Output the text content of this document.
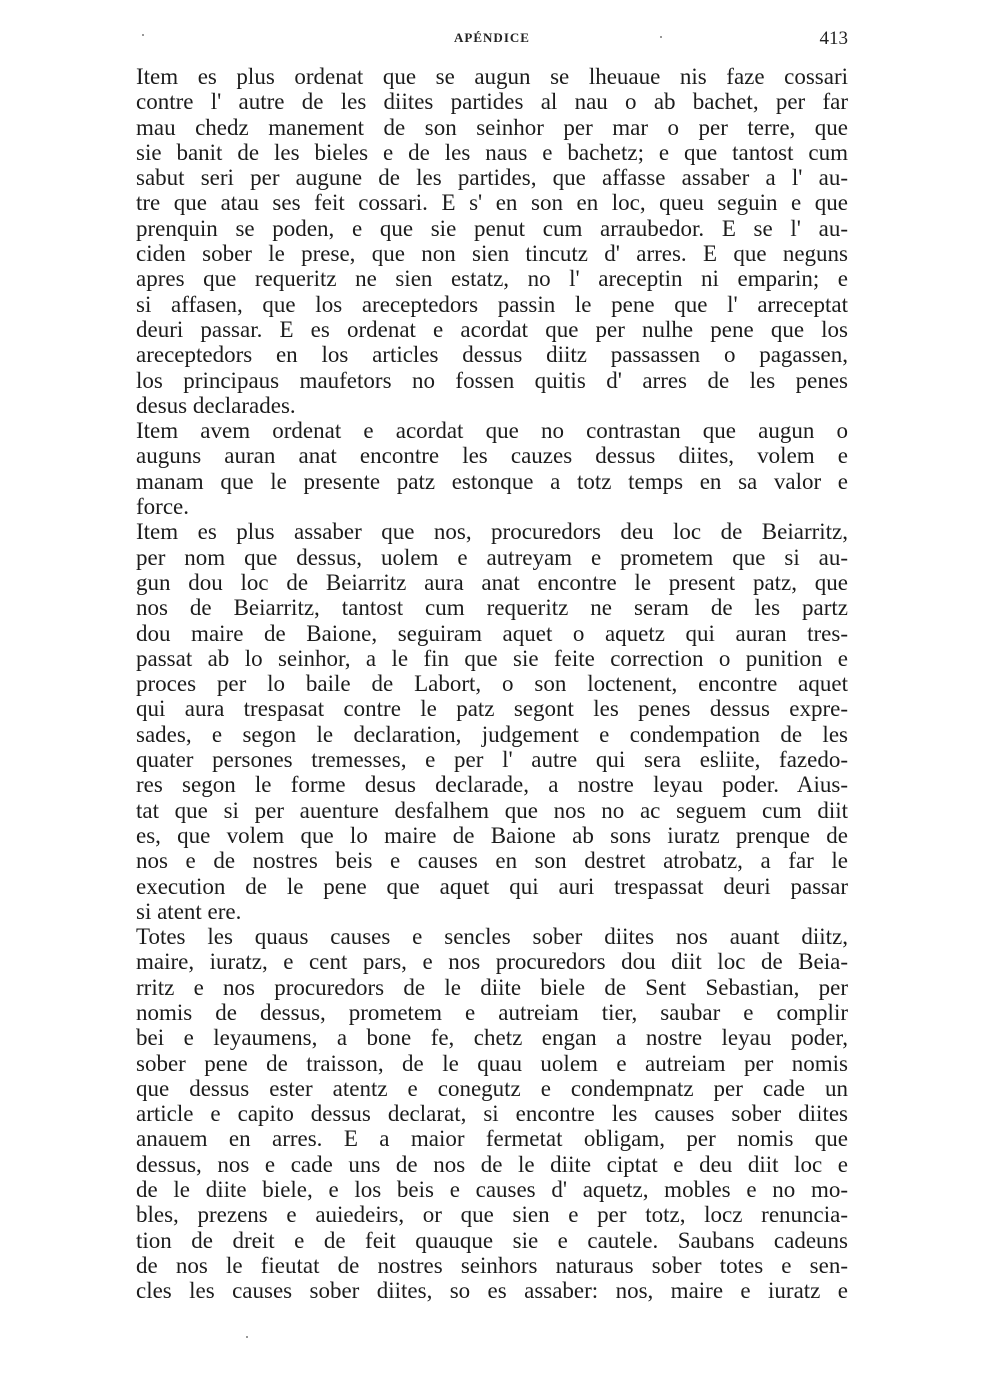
APÉNDICE	413
Item es plus ordenat que se augun se lheuaue nis faze cossari
contre l' autre de les diites partides al nau o ab bachet, per far
mau chedz manement de son seinhor per mar o per terre, que
sie banit de les bieles e de les naus e bachetz; e que tantost cum
sabut seri per augune de les partides, que affasse assaber a l' au-
tre que atau ses feit cossari. E s' en son en loc, queu seguin e que
prenquin se poden, e que sie penut cum arraubedor. E se l' au-
ciden sober le prese, que non sien tincutz d' arres. E que neguns
apres que requeritz ne sien estatz, no l' areceptin ni emparin; e
si affasen, que los areceptedors passin le pene que l' arreceptat
deuri passar. E es ordenat e acordat que per nulhe pene que los
areceptedors en los articles dessus diitz passassen o pagassen,
los principaus maufetors no fossen quitis d' arres de les penes
desus declarades.
Item avem ordenat e acordat que no contrastan que augun o
auguns auran anat encontre les cauzes dessus diites, volem e
manam que le presente patz estonque a totz temps en sa valor e
force.
Item es plus assaber que nos, procuredors deu loc de Beiarritz,
per nom que dessus, uolem e autreyam e prometem que si au-
gun dou loc de Beiarritz aura anat encontre le present patz, que
nos de Beiarritz, tantost cum requeritz ne seram de les partz
dou maire de Baione, seguiram aquet o aquetz qui auran tres-
passat ab lo seinhor, a le fin que sie feite correction o punition e
proces per lo baile de Labort, o son loctenent, encontre aquet
qui aura trespasat contre le patz segont les penes dessus expre-
sades, e segon le declaration, judgement e condempation de les
quater persones tremesses, e per l' autre qui sera esliite, fazedo-
res segon le forme desus declarade, a nostre leyau poder. Aius-
tat que si per auenture desfalhem que nos no ac seguem cum diit
es, que volem que lo maire de Baione ab sons iuratz prenque de
nos e de nostres beis e causes en son destret atrobatz, a far le
execution de le pene que aquet qui auri trespassat deuri passar
si atent ere.
Totes les quaus causes e sencles sober diites nos auant diitz,
maire, iuratz, e cent pars, e nos procuredors dou diit loc de Beia-
rritz e nos procuredors de le diite biele de Sent Sebastian, per
nomis de dessus, prometem e autreiam tier, saubar e complir
bei e leyaumens, a bone fe, chetz engan a nostre leyau poder,
sober pene de traisson, de le quau uolem e autreiam per nomis
que dessus ester atentz e conegutz e condempnatz per cade un
article e capito dessus declarat, si encontre les causes sober diites
anauem en arres. E a maior fermetat obligam, per nomis que
dessus, nos e cade uns de nos de le diite ciptat e deu diit loc e
de le diite biele, e los beis e causes d' aquetz, mobles e no mo-
bles, prezens e auiedeirs, or que sien e per totz, locz renuncia-
tion de dreit e de feit quauque sie e cautele. Saubans cadeuns
de nos le fieutat de nostres seinhors naturaus sober totes e sen-
cles les causes sober diites, so es assaber: nos, maire e iuratz e
